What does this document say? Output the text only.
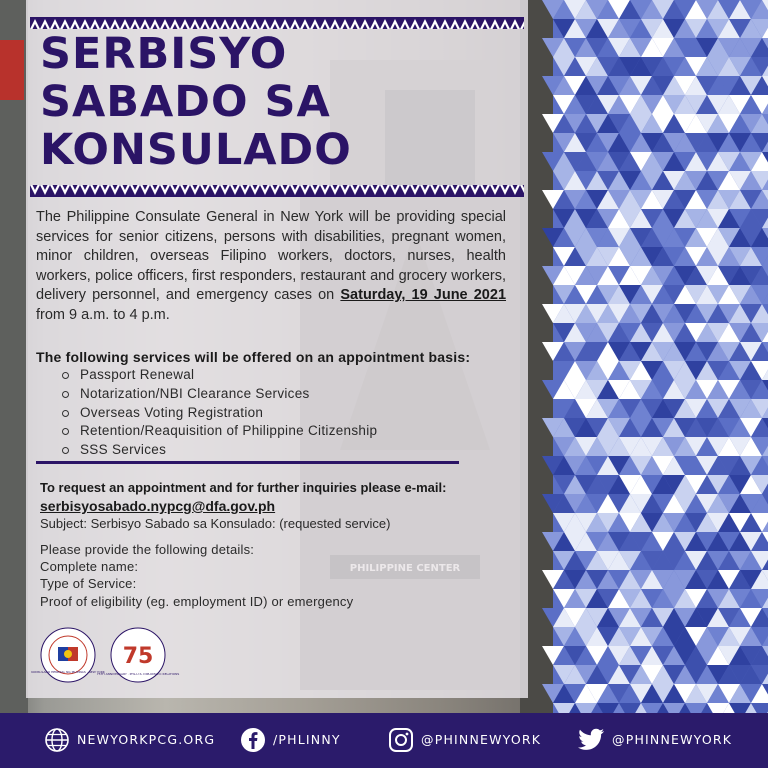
SERBISYO
SABADO SA
KONSULADO

The Philippine Consulate General in New York will be providing special services for senior citizens, persons with disabilities, pregnant women, minor children, overseas Filipino workers, doctors, nurses, health workers, police officers, first responders, restaurant and grocery workers, delivery personnel, and emergency cases on Saturday, 19 June 2021 from 9 a.m. to 4 p.m.

The following services will be offered on an appointment basis:
Passport Renewal
Notarization/NBI Clearance Services
Overseas Voting Registration
Retention/Reaquisition of Philippine Citizenship
SSS Services
To request an appointment and for further inquiries please e-mail:
serbisyosabado.nypcg@dfa.gov.ph
Subject: Serbisyo Sabado sa Konsulado: (requested service)
Please provide the following details:
Complete name:
Type of Service:
Proof of eligibility (eg. employment ID) or emergency
KONSULADO HENERAL NG PILIPINAS · NEW YORK
75
75TH ANNIVERSARY · PHL-U.S. DIPLOMATIC RELATIONS
NEWYORKPCG.ORG	/PHLINNY	@PHINNEWYORK	@PHINNEWYORK
